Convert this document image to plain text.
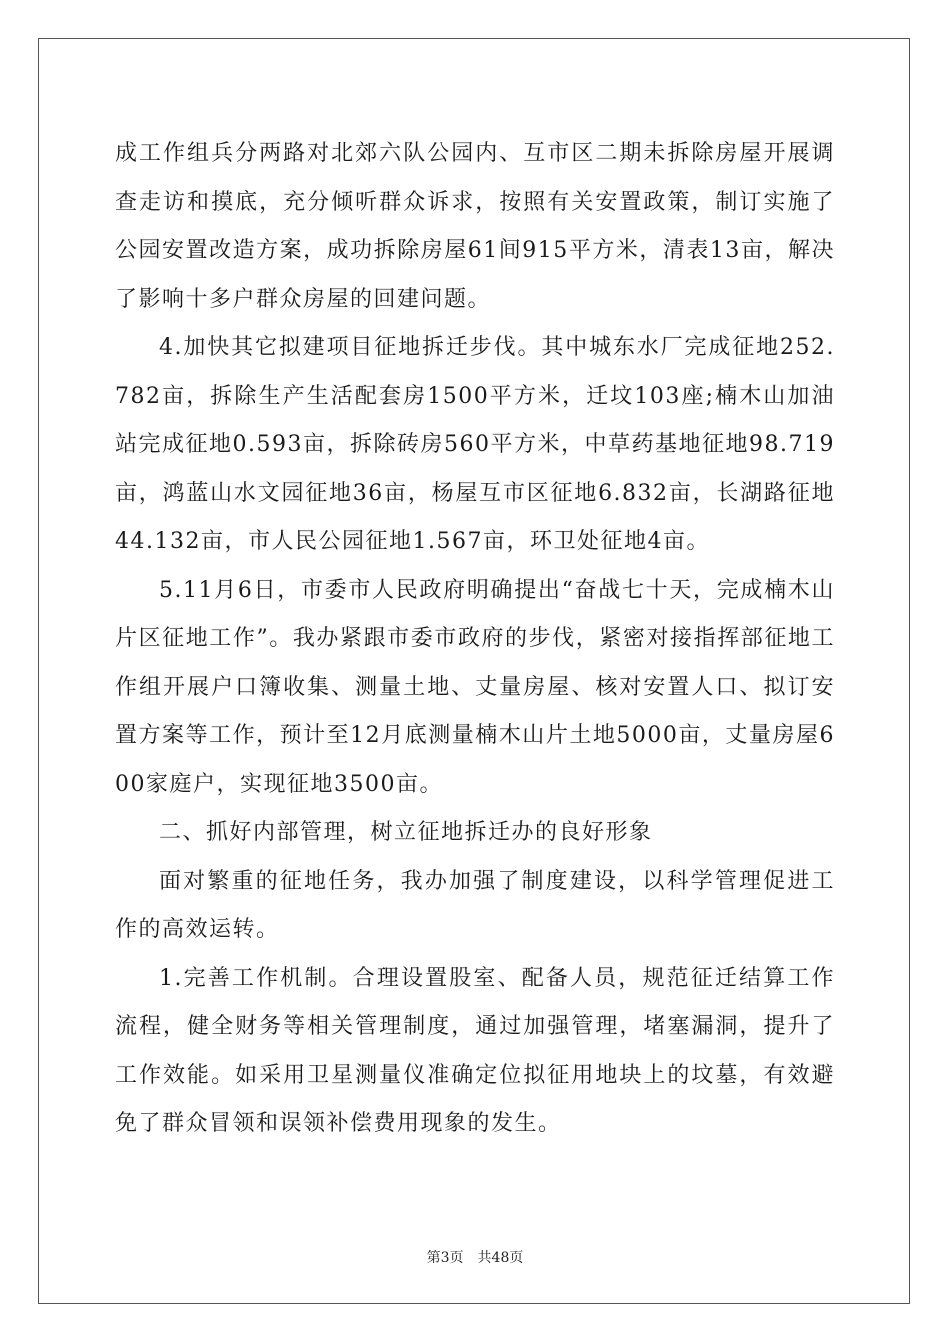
成工作组兵分两路对北郊六队公园内、互市区二期未拆除房屋开展调查走访和摸底，充分倾听群众诉求，按照有关安置政策，制订实施了公园安置改造方案，成功拆除房屋61间915平方米，清表13亩，解决了影响十多户群众房屋的回建问题。

4.加快其它拟建项目征地拆迁步伐。其中城东水厂完成征地252.782亩，拆除生产生活配套房1500平方米，迁坟103座;楠木山加油站完成征地0.593亩，拆除砖房560平方米，中草药基地征地98.719亩，鸿蓝山水文园征地36亩，杨屋互市区征地6.832亩，长湖路征地44.132亩，市人民公园征地1.567亩，环卫处征地4亩。

5.11月6日，市委市人民政府明确提出“奋战七十天，完成楠木山片区征地工作”。我办紧跟市委市政府的步伐，紧密对接指挥部征地工作组开展户口簿收集、测量土地、丈量房屋、核对安置人口、拟订安置方案等工作，预计至12月底测量楠木山片土地5000亩，丈量房屋600家庭户，实现征地3500亩。

二、抓好内部管理，树立征地拆迁办的良好形象

面对繁重的征地任务，我办加强了制度建设，以科学管理促进工作的高效运转。

1.完善工作机制。合理设置股室、配备人员，规范征迁结算工作流程，健全财务等相关管理制度，通过加强管理，堵塞漏洞，提升了工作效能。如采用卫星测量仪准确定位拟征用地块上的坟墓，有效避免了群众冒领和误领补偿费用现象的发生。

第3页 共48页
